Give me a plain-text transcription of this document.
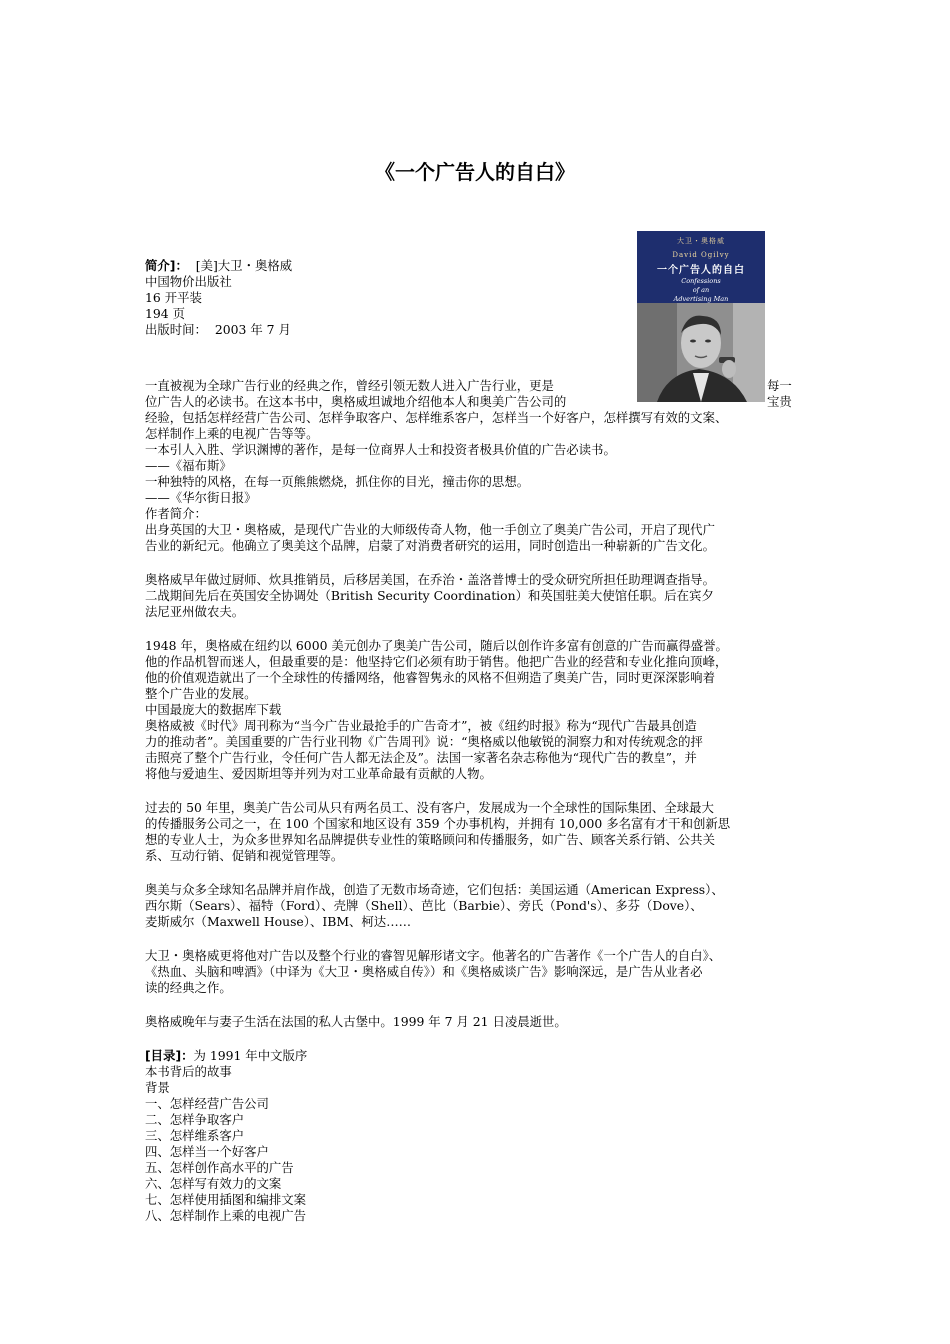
《一个广告人的自白》
大卫・奥格威
David Ogilvy
一个广告人的自白
Confessions
of an
Advertising Man
简介]： [美]大卫・奥格威
中国物价出版社
16 开平装
194 页
出版时间： 2003 年 7 月
每一
宝贵
一直被视为全球广告行业的经典之作，曾经引领无数人进入广告行业，更是
位广告人的必读书。在这本书中，奥格威坦诚地介绍他本人和奥美广告公司的
经验，包括怎样经营广告公司、怎样争取客户、怎样维系客户，怎样当一个好客户，怎样撰写有效的文案、
怎样制作上乘的电视广告等等。
一本引人入胜、学识渊博的著作，是每一位商界人士和投资者极具价值的广告必读书。
——《福布斯》
一种独特的风格，在每一页熊熊燃烧，抓住你的目光，撞击你的思想。
——《华尔街日报》
作者简介：
出身英国的大卫・奥格威，是现代广告业的大师级传奇人物，他一手创立了奥美广告公司，开启了现代广
告业的新纪元。他确立了奥美这个品牌，启蒙了对消费者研究的运用，同时创造出一种崭新的广告文化。
奥格威早年做过厨师、炊具推销员，后移居美国，在乔治・盖洛普博士的受众研究所担任助理调查指导。
二战期间先后在英国安全协调处（British Security Coordination）和英国驻美大使馆任职。后在宾夕
法尼亚州做农夫。
1948 年，奥格威在纽约以 6000 美元创办了奥美广告公司，随后以创作许多富有创意的广告而赢得盛誉。
他的作品机智而迷人，但最重要的是：他坚持它们必须有助于销售。他把广告业的经营和专业化推向顶峰，
他的价值观造就出了一个全球性的传播网络，他睿智隽永的风格不但朔造了奥美广告，同时更深深影响着
整个广告业的发展。
中国最庞大的数据库下载
奥格威被《时代》周刊称为“当今广告业最抢手的广告奇才”，被《纽约时报》称为“现代广告最具创造
力的推动者”。美国重要的广告行业刊物《广告周刊》说：“奥格威以他敏锐的洞察力和对传统观念的抨
击照亮了整个广告行业，令任何广告人都无法企及”。法国一家著名杂志称他为“现代广告的教皇”，并
将他与爱迪生、爱因斯坦等并列为对工业革命最有贡献的人物。
过去的 50 年里，奥美广告公司从只有两名员工、没有客户，发展成为一个全球性的国际集团、全球最大
的传播服务公司之一，在 100 个国家和地区设有 359 个办事机构，并拥有 10,000 多名富有才干和创新思
想的专业人士，为众多世界知名品牌提供专业性的策略顾问和传播服务，如广告、顾客关系行销、公共关
系、互动行销、促销和视觉管理等。
奥美与众多全球知名品牌并肩作战，创造了无数市场奇迹，它们包括：美国运通（American Express）、
西尔斯（Sears）、福特（Ford）、壳牌（Shell）、芭比（Barbie）、旁氏（Pond's）、多芬（Dove）、
麦斯威尔（Maxwell House）、IBM、柯达……
大卫・奥格威更将他对广告以及整个行业的睿智见解形诸文字。他著名的广告著作《一个广告人的自白》、
《热血、头脑和啤酒》（中译为《大卫・奥格威自传》）和《奥格威谈广告》影响深远，是广告从业者必
读的经典之作。
奥格威晚年与妻子生活在法国的私人古堡中。1999 年 7 月 21 日凌晨逝世。
[目录]：为 1991 年中文版序
本书背后的故事
背景
一、怎样经营广告公司
二、怎样争取客户
三、怎样维系客户
四、怎样当一个好客户
五、怎样创作高水平的广告
六、怎样写有效力的文案
七、怎样使用插图和编排文案
八、怎样制作上乘的电视广告
